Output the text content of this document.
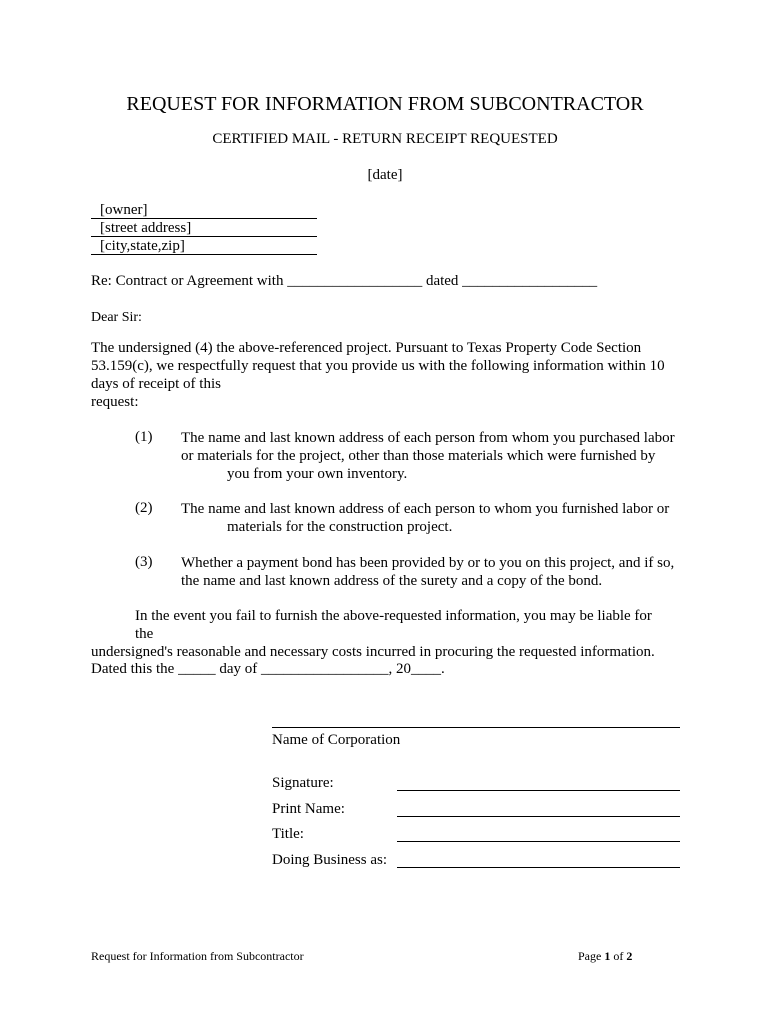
REQUEST FOR INFORMATION FROM SUBCONTRACTOR
CERTIFIED MAIL - RETURN RECEIPT REQUESTED
[date]
[owner]
[street address]
[city,state,zip]
Re: Contract or Agreement with __________________ dated __________________
Dear Sir:
The undersigned (4) the above-referenced project. Pursuant to Texas Property Code Section
53.159(c), we respectfully request that you provide us with the following information within 10
days of receipt of this
request:
(1) The name and last known address of each person from whom you purchased labor
or materials for the project, other than those materials which were furnished by
you from your own inventory.
(2) The name and last known address of each person to whom you furnished labor or
materials for the construction project.
(3) Whether a payment bond has been provided by or to you on this project, and if so,
the name and last known address of the surety and a copy of the bond.
In the event you fail to furnish the above-requested information, you may be liable for the
undersigned's reasonable and necessary costs incurred in procuring the requested information.
Dated this the _____ day of _________________, 20____.
Name of Corporation
Signature:
Print Name:
Title:
Doing Business as:
Request for Information from Subcontractor	Page 1 of 2
